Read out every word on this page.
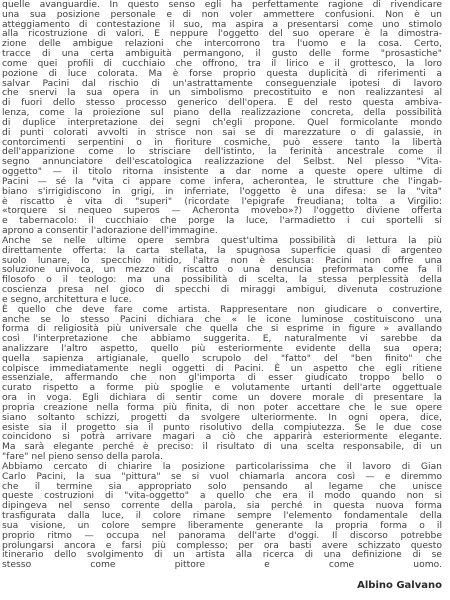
quelle avanguardie. In questo senso egli ha perfettamente ragione di rivendicare
una sua posizione personale e di non voler ammettere confusioni. Non è un
atteggiamento di contestazione il suo, ma aspira a presentarsi come uno stimolo
alla ricostruzione di valori. E neppure l'oggetto del suo operare è la dimostra-
zione delle ambigue relazioni che intercorrono tra l'uomo e la cosa. Certo,
tracce di una certa ambiguità permangono, il gusto delle forme "prosastiche"
come quei profili di cucchiaio che offrono, tra il lirico e il grottesco, la loro
pozione di luce colorata. Ma è forse proprio questa duplicità di riferimenti a
salvar Pacini dal rischio di un'astrattamente conseguenziale ipotesi di lavoro
che snervi la sua opera in un simbolismo precostituito e non realizzantesi al
di fuori dello stesso processo generico dell'opera. E del resto questa ambiva-
lenza, come la proiezione sul piano della realizzazione concreta, della possibilità
di duplice interpretazione dei segni ch'egli propone. Quel formicolante mondo
di punti colorati avvolti in strisce non sai se di marezzature o di galassie, in
contorcimenti serpentini o in fioriture cosmiche, può essere tanto la libertà
dell'apparizione come lo strisciare dell'istinto, la ferinità ancestrale come il
segno annunciatore dell'escatologica realizzazione del Selbst. Nel plesso "Vita-
oggetto" — il titolo ritorna insistente a dar nome a queste opere ultime di
Pacini — sé la "vita ci appare come infera, acherontea, le strutture che l'ingab-
biano s'irrigidiscono in grigi, in inferriate, l'oggetto è una difesa: se la "vita"
è riscatto è vita di "superi" (ricordate l'epigrafe freudiana; tolta a Virgilio:
«torquere si nequeo superos — Acheronta movebo»?) l'oggetto diviene offerta
e tabernacolo: il cucchiaio che porge la luce, l'armadietto i cui sportelli si
aprono a consentir l'adorazione dell'immagine.
Anche se nelle ultime opere sembra quest'ultima possibilità di lettura la più
direttamente offerta: la carta stellata, la spugnosa superficie quasi di argenteo
suolo lunare, lo specchio nitido, l'altra non è esclusa: Pacini non offre una
soluzione univoca, un mezzo di riscatto o una denuncia preformata come fa il
filosofo o il teologo: ma una possibilità di scelta, la stessa perplessità della
coscienza presa nel gioco di specchi di miraggi ambigui, divenuta costruzione
e segno, architettura e luce.
È quello che deve fare come artista. Rappresentare non giudicare o convertire,
anche se lo stesso Pacini dichiara che « le icone luminose costituiscono una
forma di religiosità più universale che quella che si esprime in figure » avallando
così l'interpretazione che abbiamo suggerita. E, naturalmente vi sarebbe da
analizzare l'altro aspetto, quello più esteriormente evidente della sua opera;
quella sapienza artigianale, quello scrupolo del "fatto" del "ben finito" che
colpisce immediatamente negli oggetti di Pacini. È un aspetto che egli ritiene
essenziale, affermando che non gl'importa di esser giudicato troppo bello o
curato rispetto a forme più spoglie e volutamente urtanti dell'arte oggettuale
ora in voga. Egli dichiara di sentir come un dovere morale di presentare la
propria creazione nella forma più finita, di non poter accettare che le sue opere
siano soltanto schizzi, progetti da svolgere ulteriormente. In ogni opera, dice,
esiste sia il progetto sia il punto risolutivo della compiutezza. Se le due cose
coincidono si potrà arrivare magari a ciò che apparirà esteriormente elegante.
Ma sarà elegante perché è preciso: il risultato di una scelta responsabile, di un
"fare" nel pieno senso della parola.
Abbiamo cercato di chiarire la posizione particolarissima che il lavoro di Gian
Carlo Pacini, la sua "pittura" se si vuol chiamarla ancora così — e diremmo
che il termine sia appropriato solo pensando al legame che unisce
queste costruzioni di "vita-oggetto" a quello che era il modo quando non si
dipingeva nel senso corrente della parola, sia perché in questa nuova forma
trasfigurata dalla luce, il colore rimane sempre l'elemento fondamentale della
sua visione, un colore sempre liberamente generante la propria forma o il
proprio ritmo — occupa nel panorama dell'arte d'oggi. Il discorso potrebbe
prolungarsi ancora e farsi più complesso; per ora basti avere schizzato questo
itinerario dello svolgimento di un artista alla ricerca di una definizione di se
stesso come pittore e come uomo.
Albino Galvano
